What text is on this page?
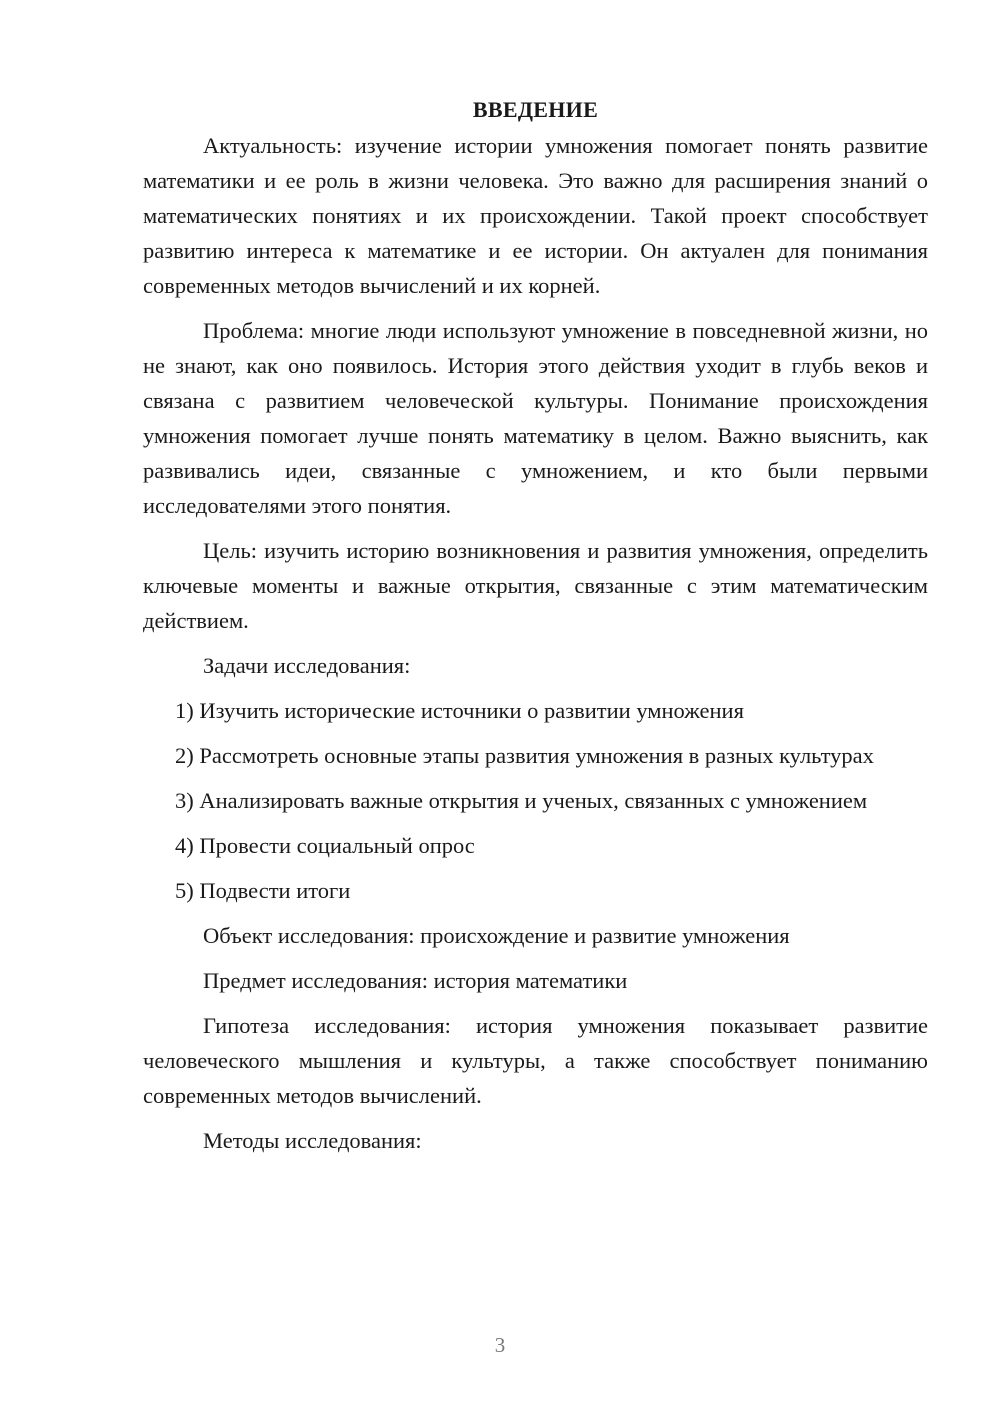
ВВЕДЕНИЕ

Актуальность: изучение истории умножения помогает понять развитие математики и ее роль в жизни человека. Это важно для расширения знаний о математических понятиях и их происхождении. Такой проект способствует развитию интереса к математике и ее истории. Он актуален для понимания современных методов вычислений и их корней.

Проблема: многие люди используют умножение в повседневной жизни, но не знают, как оно появилось. История этого действия уходит в глубь веков и связана с развитием человеческой культуры. Понимание происхождения умножения помогает лучше понять математику в целом. Важно выяснить, как развивались идеи, связанные с умножением, и кто были первыми исследователями этого понятия.

Цель: изучить историю возникновения и развития умножения, определить ключевые моменты и важные открытия, связанные с этим математическим действием.

Задачи исследования:

1) Изучить исторические источники о развитии умножения

2) Рассмотреть основные этапы развития умножения в разных культурах

3) Анализировать важные открытия и ученых, связанных с умножением

4) Провести социальный опрос

5) Подвести итоги

Объект исследования: происхождение и развитие умножения

Предмет исследования: история математики

Гипотеза исследования: история умножения показывает развитие человеческого мышления и культуры, а также способствует пониманию современных методов вычислений.

Методы исследования:

3
